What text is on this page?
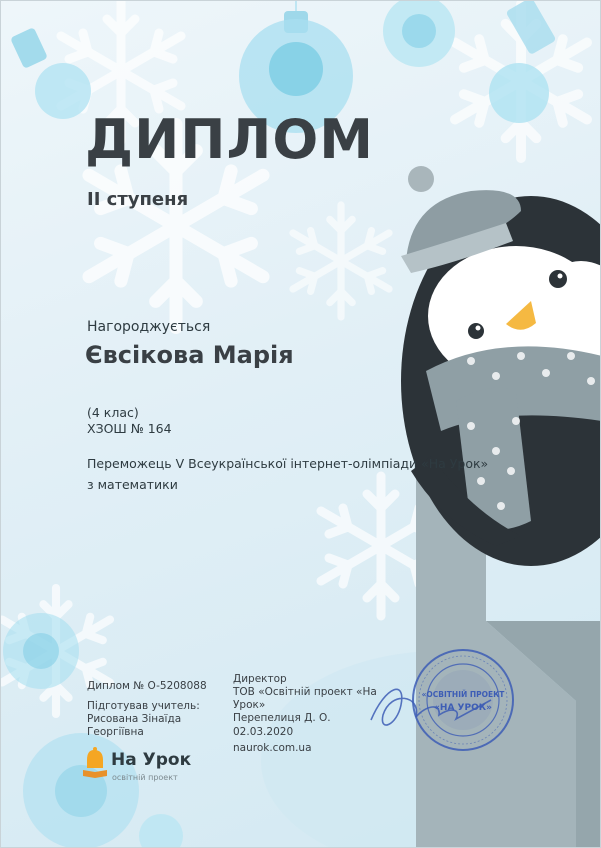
ДИПЛОМ
II ступеня
Нагороджується
Євсікова Марія
(4 клас)
ХЗОШ № 164
Переможець V Всеукраїнської інтернет-олімпіади «На Урок»
з математики
Диплом № O-5208088
Підготував учитель:
Рисована Зінаїда
Георгіївна
Директор
ТОВ «Освітній проект «На Урок»
Перепелиця Д. О.
02.03.2020
naurok.com.ua
«ОСВІТНІЙ ПРОЕКТ
«НА УРОК»
На Урок
освітній проект
